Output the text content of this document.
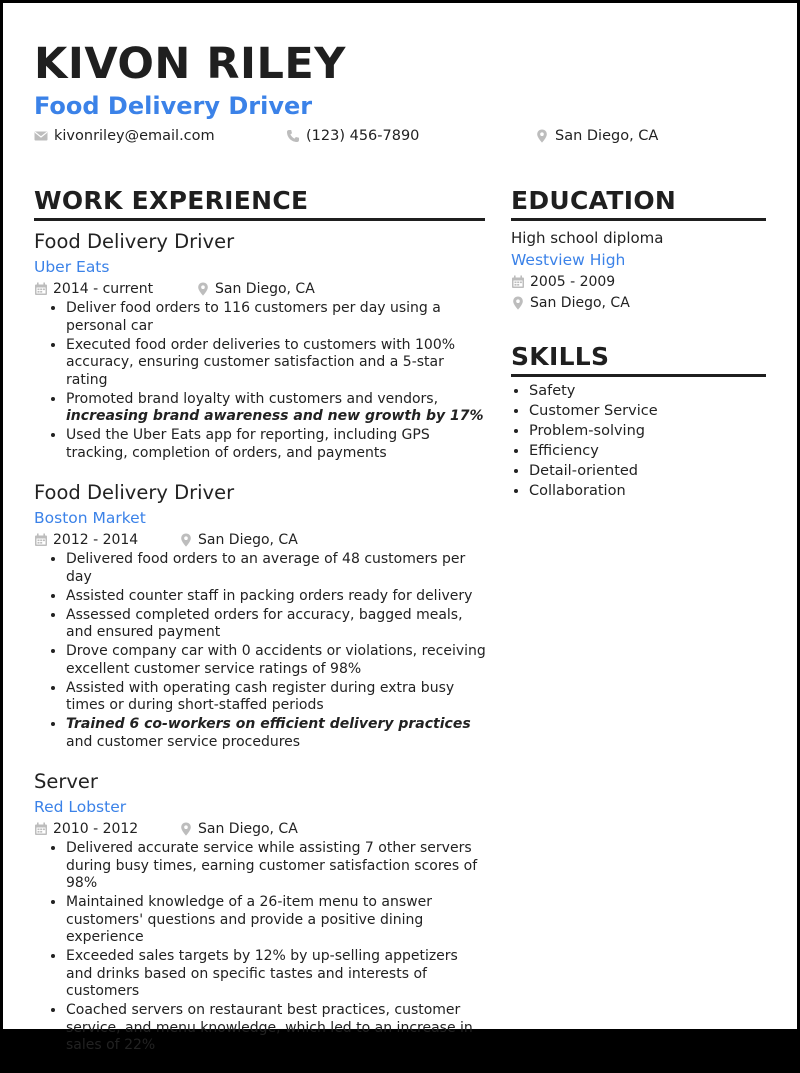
KIVON RILEY
Food Delivery Driver
kivonriley@email.com	(123) 456-7890	San Diego, CA
WORK EXPERIENCE	EDUCATION
Food Delivery Driver
Uber Eats
2014 - current	San Diego, CA
• Deliver food orders to 116 customers per day using a personal car
• Executed food order deliveries to customers with 100% accuracy, ensuring customer satisfaction and a 5-star rating
• Promoted brand loyalty with customers and vendors, increasing brand awareness and new growth by 17%
• Used the Uber Eats app for reporting, including GPS tracking, completion of orders, and payments
Food Delivery Driver
Boston Market
2012 - 2014	San Diego, CA
• Delivered food orders to an average of 48 customers per day
• Assisted counter staff in packing orders ready for delivery
• Assessed completed orders for accuracy, bagged meals, and ensured payment
• Drove company car with 0 accidents or violations, receiving excellent customer service ratings of 98%
• Assisted with operating cash register during extra busy times or during short-staffed periods
• Trained 6 co-workers on efficient delivery practices and customer service procedures
Server
Red Lobster
2010 - 2012	San Diego, CA
• Delivered accurate service while assisting 7 other servers during busy times, earning customer satisfaction scores of 98%
• Maintained knowledge of a 26-item menu to answer customers' questions and provide a positive dining experience
• Exceeded sales targets by 12% by up-selling appetizers and drinks based on specific tastes and interests of customers
• Coached servers on restaurant best practices, customer service, and menu knowledge, which led to an increase in sales of 22%
High school diploma
Westview High
2005 - 2009
San Diego, CA
SKILLS
• Safety
• Customer Service
• Problem-solving
• Efficiency
• Detail-oriented
• Collaboration
